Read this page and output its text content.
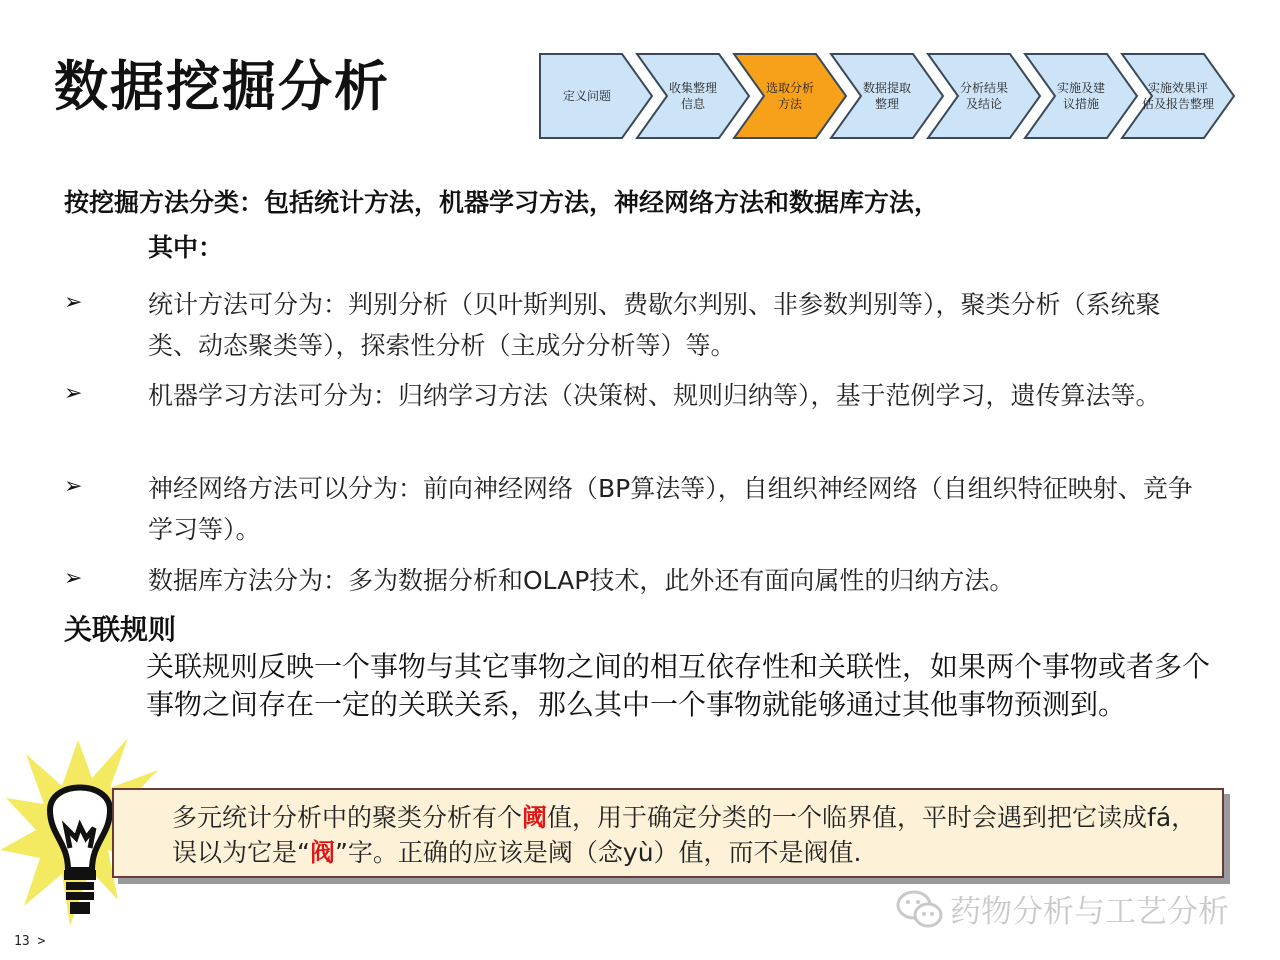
数据挖掘分析	定义问题
收集整理
信息
选取分析
方法
数据提取
整理
分析结果
及结论
实施及建
议措施
实施效果评
估及报告整理
按挖掘方法分类：包括统计方法，机器学习方法，神经网络方法和数据库方法，
其中：
➢	统计方法可分为：判别分析（贝叶斯判别、费歇尔判别、非参数判别等），聚类分析（系统聚类、动态聚类等），探索性分析（主成分分析等）等。
➢	机器学习方法可分为：归纳学习方法（决策树、规则归纳等），基于范例学习，遗传算法等。
➢	神经网络方法可以分为：前向神经网络（BP算法等），自组织神经网络（自组织特征映射、竞争学习等）。
➢	数据库方法分为：多为数据分析和OLAP技术，此外还有面向属性的归纳方法。
关联规则
关联规则反映一个事物与其它事物之间的相互依存性和关联性，如果两个事物或者多个事物之间存在一定的关联关系，那么其中一个事物就能够通过其他事物预测到。
多元统计分析中的聚类分析有个阈值，用于确定分类的一个临界值，平时会遇到把它读成fá，误以为它是“阀”字。正确的应该是阈（念yù）值，而不是阀值.
药物分析与工艺分析
13 >
